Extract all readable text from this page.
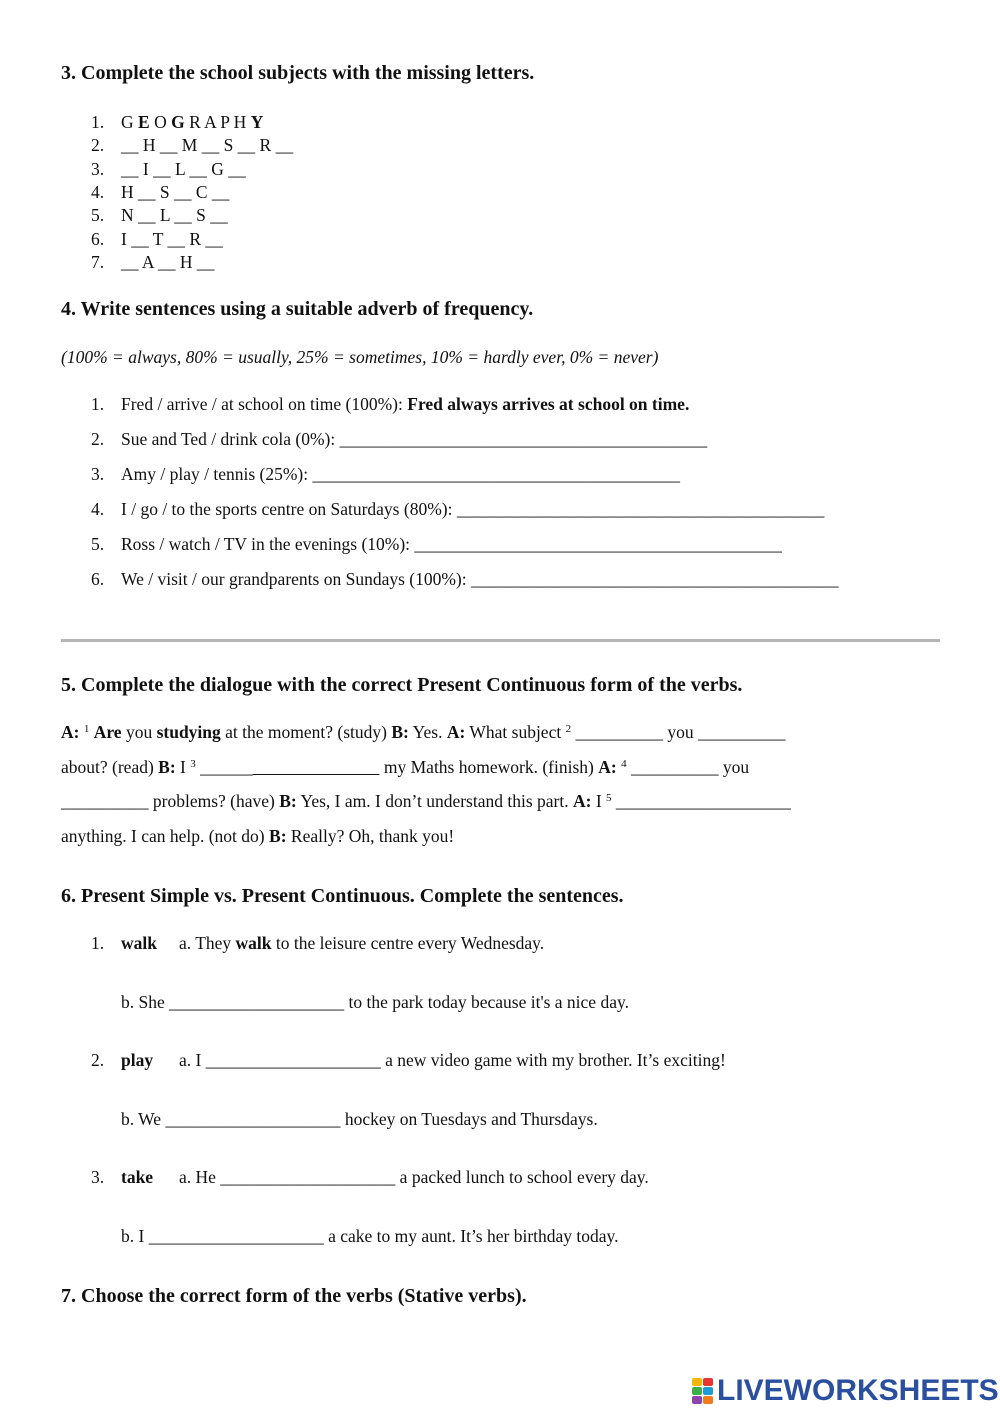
3. Complete the school subjects with the missing letters.
1. G E O G R A P H Y
2. __ H __ M __ S __ R __
3. __ I __ L __ G __
4. H __ S __ C __
5. N __ L __ S __
6. I __ T __ R __
7. __ A __ H __
4. Write sentences using a suitable adverb of frequency.

(100% = always, 80% = usually, 25% = sometimes, 10% = hardly ever, 0% = never)

1. Fred / arrive / at school on time (100%): Fred always arrives at school on time.
2. Sue and Ted / drink cola (0%): __________________________________________
3. Amy / play / tennis (25%): __________________________________________
4. I / go / to the sports centre on Saturdays (80%): __________________________________________
5. Ross / watch / TV in the evenings (10%): __________________________________________
6. We / visit / our grandparents on Sundays (100%): __________________________________________
5. Complete the dialogue with the correct Present Continuous form of the verbs.
A: $^1$ Are you studying at the moment? (study) B: Yes. A: What subject $^2$ __________ you __________
about? (read) B: I $^3$ ______	my Maths homework. (finish) A: $^4$ __________ you
__________ problems? (have) B: Yes, I am. I don’t understand this part. A: I $^5$ ____________________
anything. I can help. (not do) B: Really? Oh, thank you!
6. Present Simple vs. Present Continuous. Complete the sentences.
1. walk a. They walk to the leisure centre every Wednesday.
b. She ____________________ to the park today because it's a nice day.
2. play a. I ____________________ a new video game with my brother. It’s exciting!
b. We ____________________ hockey on Tuesdays and Thursdays.
3. take a. He ____________________ a packed lunch to school every day.
b. I ____________________ a cake to my aunt. It’s her birthday today.
7. Choose the correct form of the verbs (Stative verbs).
LIVEWORKSHEETS
